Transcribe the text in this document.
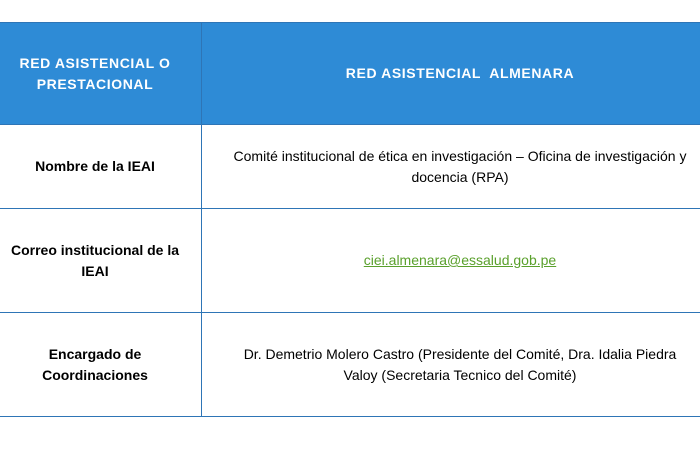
RED ASISTENCIAL O
PRESTACIONAL	RED ASISTENCIAL  ALMENARA

Nombre de la IEAI	Comité institucional de ética en investigación – Oficina de investigación y
docencia (RPA)

Correo institucional de la
IEAI	ciei.almenara@essalud.gob.pe

Encargado de
Coordinaciones	Dr. Demetrio Molero Castro (Presidente del Comité, Dra. Idalia Piedra
Valoy (Secretaria Tecnico del Comité)
